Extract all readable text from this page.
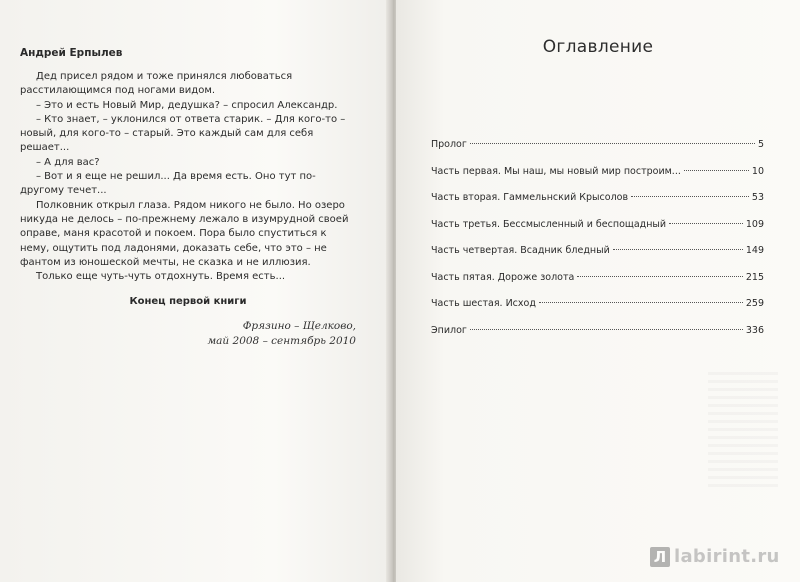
Андрей Ерпылев

Дед присел рядом и тоже принялся любоваться расстилающимся под ногами видом.

– Это и есть Новый Мир, дедушка? – спросил Александр.

– Кто знает, – уклонился от ответа старик. – Для кого-то – новый, для кого-то – старый. Это каждый сам для себя решает...

– А для вас?

– Вот и я еще не решил... Да время есть. Оно тут по-другому течет...

Полковник открыл глаза. Рядом никого не было. Но озеро никуда не делось – по-прежнему лежало в изумрудной своей оправе, маня красотой и покоем. Пора было спуститься к нему, ощутить под ладонями, доказать себе, что это – не фантом из юношеской мечты, не сказка и не иллюзия.

Только еще чуть-чуть отдохнуть. Время есть...

Конец первой книги
Фрязино – Щелково,
май 2008 – сентябрь 2010
Оглавление
Пролог	5
Часть первая. Мы наш, мы новый мир построим...	10
Часть вторая. Гаммельнский Крысолов	53
Часть третья. Бессмысленный и беспощадный	109
Часть четвертая. Всадник бледный	149
Часть пятая. Дороже золота	215
Часть шестая. Исход	259
Эпилог	336
Л labirint.ru
